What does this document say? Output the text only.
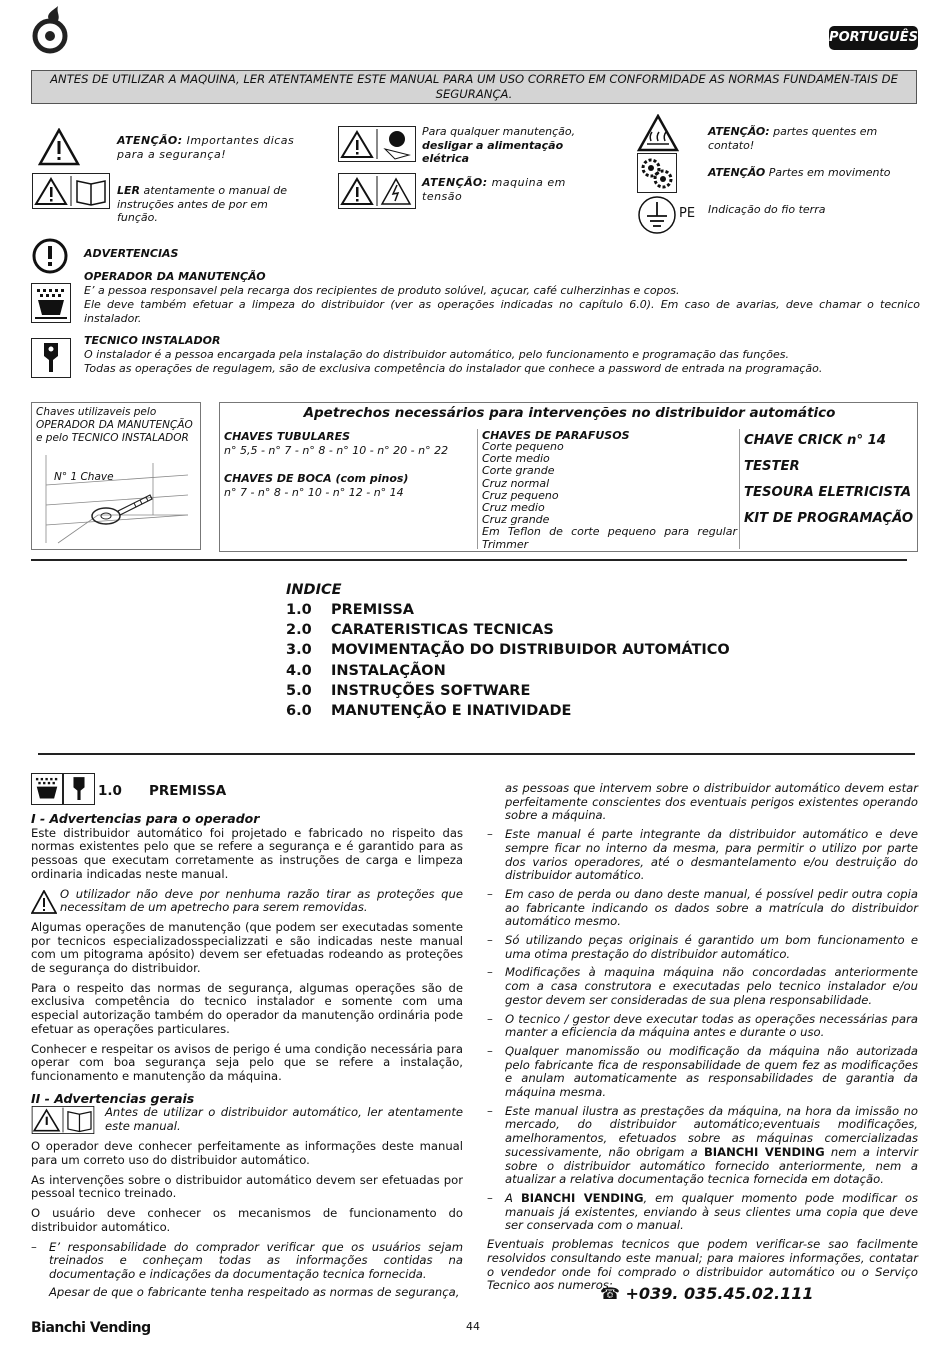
PORTUGUÊS
ANTES DE UTILIZAR A MAQUINA, LER ATENTAMENTE ESTE MANUAL PARA UM USO CORRETO EM CONFORMIDADE AS NORMAS FUNDAMEN-TAIS DE SEGURANÇA.
ATENÇÃO: Importantes dicas para a segurança!
LER atentamente o manual de instruções antes de por em função.
Para qualquer manutenção, desligar a alimentação elétrica
ATENÇÃO: maquina em tensão
ATENÇÃO: partes quentes em contato!
ATENÇÃO Partes em movimento
PE Indicação do fio terra
ADVERTENCIAS
OPERADOR DA MANUTENÇÃO
E’ a pessoa responsavel pela recarga dos recipientes de produto solúvel, açucar, café culherzinhas e copos.
Ele deve também efetuar a limpeza do distribuidor (ver as operações indicadas no capítulo 6.0). Em caso de avarias, deve chamar o tecnico instalador.
TECNICO INSTALADOR
O instalador é a pessoa encargada pela instalação do distribuidor automático, pelo funcionamento e programação das funções.
Todas as operações de regulagem, são de exclusiva competência do instalador que conhece a password de entrada na programação.
Chaves utilizaveis pelo OPERADOR DA MANUTENÇÃO e pelo TECNICO INSTALADOR
N° 1 Chave
Apetrechos necessários para intervenções no distribuidor automático
CHAVES TUBULARES
n° 5,5 - n° 7 - n° 8 - n° 10 - n° 20 - n° 22
CHAVES DE BOCA (com pinos)
n° 7 - n° 8 - n° 10 - n° 12 - n° 14
CHAVES DE PARAFUSOS
Corte pequeno
Corte medio
Corte grande
Cruz normal
Cruz pequeno
Cruz medio
Cruz grande
Em Teflon de corte pequeno para regular Trimmer
CHAVE CRICK n° 14
TESTER
TESOURA ELETRICISTA
KIT DE PROGRAMAÇÃO
INDICE
1.0 PREMISSA
2.0 CARATERISTICAS TECNICAS
3.0 MOVIMENTAÇÃO DO DISTRIBUIDOR AUTOMÁTICO
4.0 INSTALAÇÃON
5.0 INSTRUÇÕES SOFTWARE
6.0 MANUTENÇÃO E INATIVIDADE
1.0 PREMISSA
I - Advertencias para o operador

Este distribuidor automático foi projetado e fabricado no rispeito das normas existentes pelo que se refere a segurança e é garantido para as pessoas que executam corretamente as instruções de carga e limpeza ordinaria indicadas neste manual.

O utilizador não deve por nenhuma razão tirar as proteções que necessitam de um apetrecho para serem removidas.

Algumas operações de manutenção (que podem ser executadas somente por tecnicos especializadosspecializzati e são indicadas neste manual com um pitograma apósito) devem ser efetuadas rodeando as proteções de segurança do distribuidor.

Para o respeito das normas de segurança, algumas operações são de exclusiva competência do tecnico instalador e somente com uma especial autorização também do operador da manutenção ordinária pode efetuar as operações particulares.

Conhecer e respeitar os avisos de perigo é uma condição necessária para operar com boa segurança seja pelo que se refere a instalação, funcionamento e manutenção da máquina.

II - Advertencias gerais
Antes de utilizar o distribuidor automático, ler atentamente este manual.

O operador deve conhecer perfeitamente as informações deste manual para um correto uso do distribuidor automático.

As intervenções sobre o distribuidor automático devem ser efetuadas por pessoal tecnico treinado.

O usuário deve conhecer os mecanismos de funcionamento do distribuidor automático.

– E’ responsabilidade do comprador verificar que os usuários sejam treinados e conheçam todas as informações contidas na documentação e indicações da documentação tecnica fornecida.
Apesar de que o fabricante tenha respeitado as normas de segurança,
as pessoas que intervem sobre o distribuidor automático devem estar perfeitamente conscientes dos eventuais perigos existentes operando sobre a máquina.
– Este manual é parte integrante da distribuidor automático e deve sempre ficar no interno da mesma, para permitir o utilizo por parte dos varios operadores, até o desmantelamento e/ou destruição do distribuidor automático.
– Em caso de perda ou dano deste manual, é possível pedir outra copia ao fabricante indicando os dados sobre a matrícula do distribuidor automático mesmo.
– Só utilizando peças originais é garantido um bom funcionamento e uma otima prestação do distribuidor automático.
– Modificações à maquina máquina não concordadas anteriormente com a casa construtora e executadas pelo tecnico instalador e/ou gestor devem ser consideradas de sua plena responsabilidade.
– O tecnico / gestor deve executar todas as operações necessárias para manter a eficiencia da máquina antes e durante o uso.
– Qualquer manomissão ou modificação da máquina não autorizada pelo fabricante fica de responsabilidade de quem fez as modificações e anulam automaticamente as responsabilidades de garantia da máquina mesma.
– Este manual ilustra as prestações da máquina, na hora da imissão no mercado, do distribuidor automático;eventuais modificações, amelhoramentos, efetuados sobre as máquinas comercializadas sucessivamente, não obrigam a BIANCHI VENDING nem a intervir sobre o distribuidor automático fornecido anteriormente, nem a atualizar a relativa documentação tecnica fornecida em dotação.
– A BIANCHI VENDING, em qualquer momento pode modificar os manuais já existentes, enviando à seus clientes uma copia que deve ser conservada com o manual.
Eventuais problemas tecnicos que podem verificar-se sao facilmente resolvidos consultando este manual; para maiores informações, contatar o vendedor onde foi comprado o distribuidor automático ou o Serviço Tecnico aos numeros:
☎ +039. 035.45.02.111
Bianchi Vending	44
